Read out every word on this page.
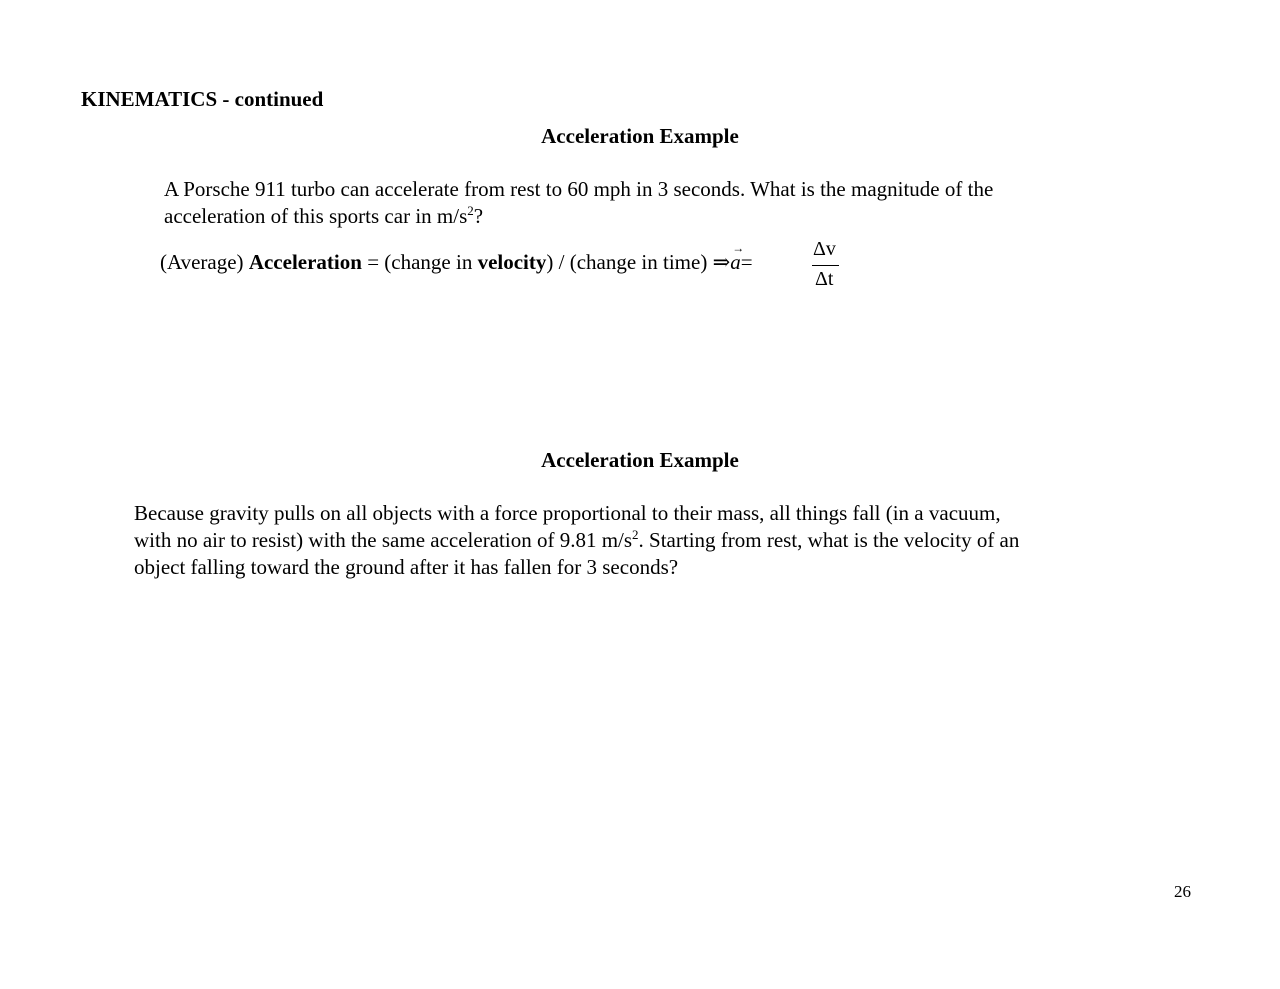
KINEMATICS - continued
Acceleration Example
A Porsche 911 turbo can accelerate from rest to 60 mph in 3 seconds. What is the magnitude of the
acceleration of this sports car in $m/s^2$?
(Average) Acceleration = (change in velocity) / (change in time) ⇒a
→
=
Δv
Δt
Acceleration Example
Because gravity pulls on all objects with a force proportional to their mass, all things fall (in a vacuum,
with no air to resist) with the same acceleration of 9.81 $m/s^2$. Starting from rest, what is the velocity of an
object falling toward the ground after it has fallen for 3 seconds?
26
